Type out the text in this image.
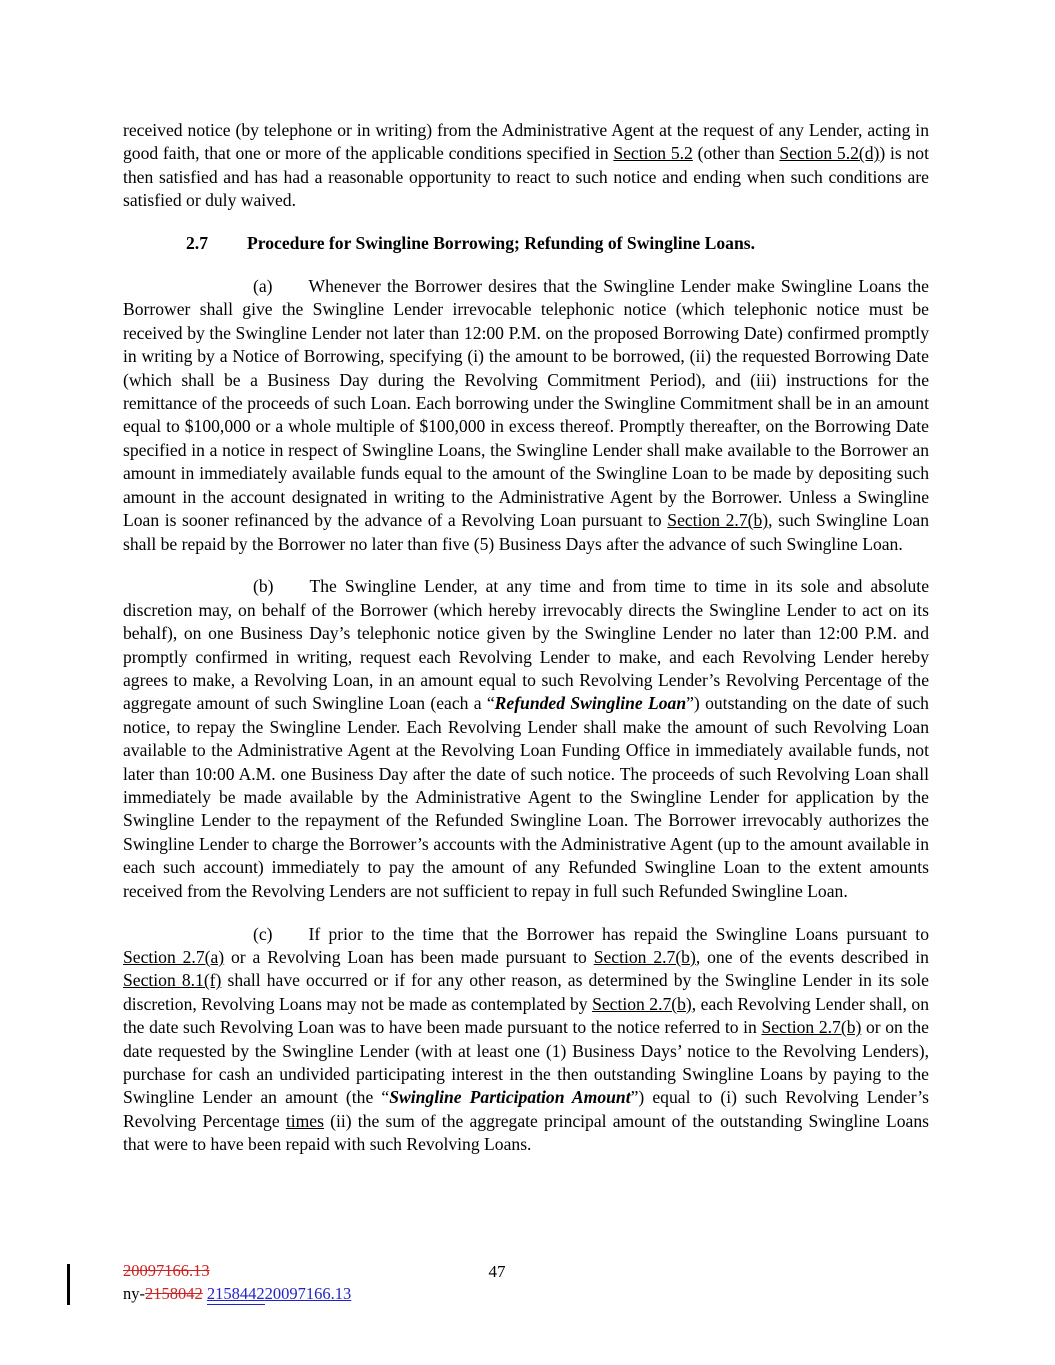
received notice (by telephone or in writing) from the Administrative Agent at the request of any Lender, acting in good faith, that one or more of the applicable conditions specified in Section 5.2 (other than Section 5.2(d)) is not then satisfied and has had a reasonable opportunity to react to such notice and ending when such conditions are satisfied or duly waived.

2.7 Procedure for Swingline Borrowing; Refunding of Swingline Loans.

(a) Whenever the Borrower desires that the Swingline Lender make Swingline Loans the Borrower shall give the Swingline Lender irrevocable telephonic notice (which telephonic notice must be received by the Swingline Lender not later than 12:00 P.M. on the proposed Borrowing Date) confirmed promptly in writing by a Notice of Borrowing, specifying (i) the amount to be borrowed, (ii) the requested Borrowing Date (which shall be a Business Day during the Revolving Commitment Period), and (iii) instructions for the remittance of the proceeds of such Loan. Each borrowing under the Swingline Commitment shall be in an amount equal to $100,000 or a whole multiple of $100,000 in excess thereof. Promptly thereafter, on the Borrowing Date specified in a notice in respect of Swingline Loans, the Swingline Lender shall make available to the Borrower an amount in immediately available funds equal to the amount of the Swingline Loan to be made by depositing such amount in the account designated in writing to the Administrative Agent by the Borrower. Unless a Swingline Loan is sooner refinanced by the advance of a Revolving Loan pursuant to Section 2.7(b), such Swingline Loan shall be repaid by the Borrower no later than five (5) Business Days after the advance of such Swingline Loan.

(b) The Swingline Lender, at any time and from time to time in its sole and absolute discretion may, on behalf of the Borrower (which hereby irrevocably directs the Swingline Lender to act on its behalf), on one Business Day’s telephonic notice given by the Swingline Lender no later than 12:00 P.M. and promptly confirmed in writing, request each Revolving Lender to make, and each Revolving Lender hereby agrees to make, a Revolving Loan, in an amount equal to such Revolving Lender’s Revolving Percentage of the aggregate amount of such Swingline Loan (each a “Refunded Swingline Loan”) outstanding on the date of such notice, to repay the Swingline Lender. Each Revolving Lender shall make the amount of such Revolving Loan available to the Administrative Agent at the Revolving Loan Funding Office in immediately available funds, not later than 10:00 A.M. one Business Day after the date of such notice. The proceeds of such Revolving Loan shall immediately be made available by the Administrative Agent to the Swingline Lender for application by the Swingline Lender to the repayment of the Refunded Swingline Loan. The Borrower irrevocably authorizes the Swingline Lender to charge the Borrower’s accounts with the Administrative Agent (up to the amount available in each such account) immediately to pay the amount of any Refunded Swingline Loan to the extent amounts received from the Revolving Lenders are not sufficient to repay in full such Refunded Swingline Loan.

(c) If prior to the time that the Borrower has repaid the Swingline Loans pursuant to Section 2.7(a) or a Revolving Loan has been made pursuant to Section 2.7(b), one of the events described in Section 8.1(f) shall have occurred or if for any other reason, as determined by the Swingline Lender in its sole discretion, Revolving Loans may not be made as contemplated by Section 2.7(b), each Revolving Lender shall, on the date such Revolving Loan was to have been made pursuant to the notice referred to in Section 2.7(b) or on the date requested by the Swingline Lender (with at least one (1) Business Days’ notice to the Revolving Lenders), purchase for cash an undivided participating interest in the then outstanding Swingline Loans by paying to the Swingline Lender an amount (the “Swingline Participation Amount”) equal to (i) such Revolving Lender’s Revolving Percentage times (ii) the sum of the aggregate principal amount of the outstanding Swingline Loans that were to have been repaid with such Revolving Loans.

20097166.13
ny-2158042 215844220097166.13
47
